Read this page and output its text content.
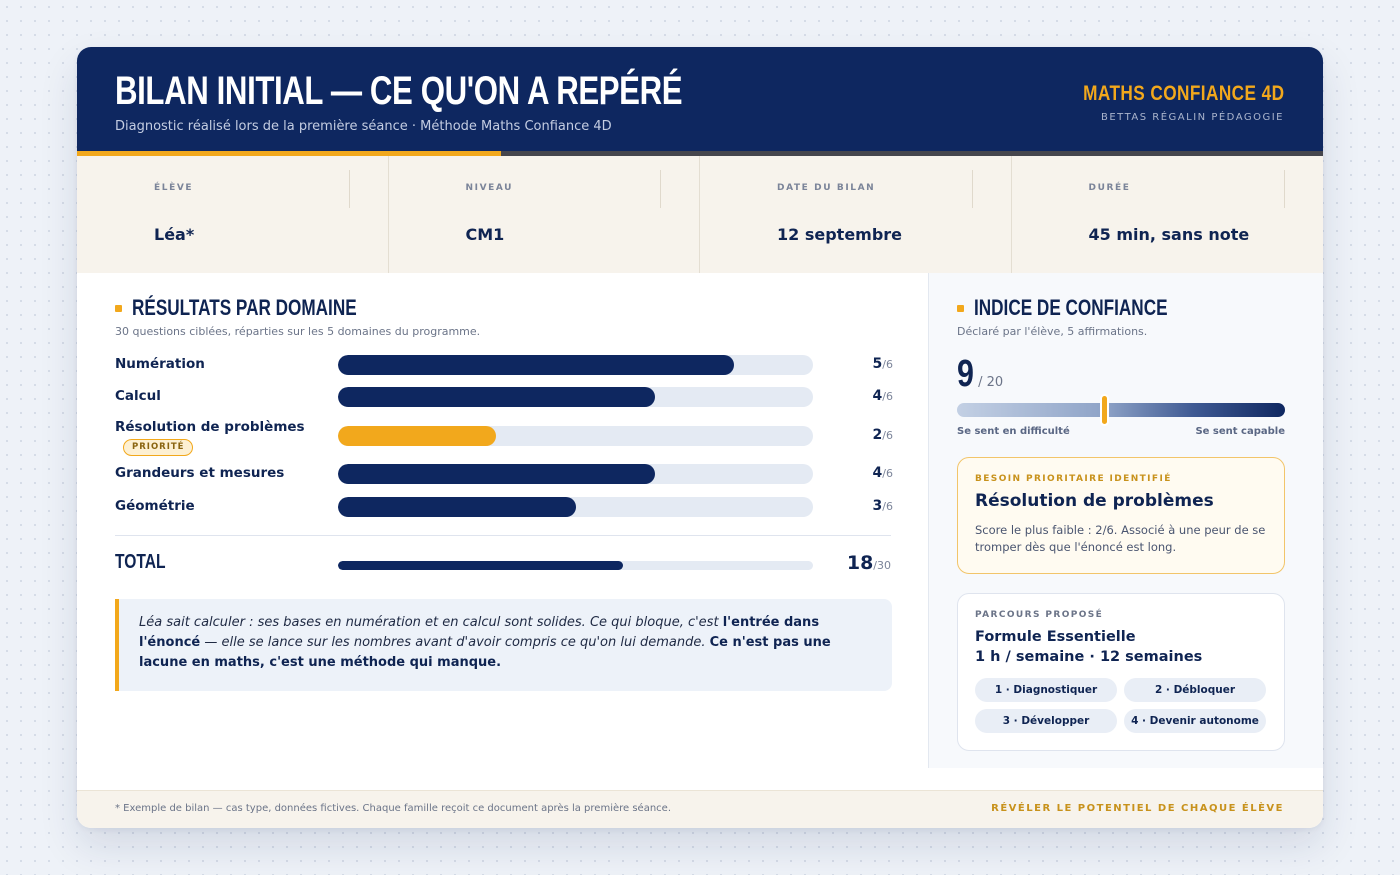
BILAN INITIAL — CE QU'ON A REPÉRÉ
Diagnostic réalisé lors de la première séance · Méthode Maths Confiance 4D
MATHS CONFIANCE 4D
BETTAS RÉGALIN PÉDAGOGIE
ÉLÈVE
Léa*
NIVEAU
CM1
DATE DU BILAN
12 septembre
DURÉE
45 min, sans note
RÉSULTATS PAR DOMAINE
30 questions ciblées, réparties sur les 5 domaines du programme.
Numération	5/6
Calcul	4/6
Résolution de problèmes
PRIORITÉ
2/6
Grandeurs et mesures	4/6
Géométrie	3/6
TOTAL	18/30
Léa sait calculer : ses bases en numération et en calcul sont solides. Ce qui bloque, c'est l'entrée dans l'énoncé — elle se lance sur les nombres avant d'avoir compris ce qu'on lui demande. Ce n'est pas une lacune en maths, c'est une méthode qui manque.
INDICE DE CONFIANCE
Déclaré par l'élève, 5 affirmations.
9 / 20
Se sent en difficulté	Se sent capable
BESOIN PRIORITAIRE IDENTIFIÉ
Résolution de problèmes
Score le plus faible : 2/6. Associé à une peur de se tromper dès que l'énoncé est long.
PARCOURS PROPOSÉ
Formule Essentielle
1 h / semaine · 12 semaines
1 · Diagnostiquer	2 · Débloquer
3 · Développer	4 · Devenir autonome
* Exemple de bilan — cas type, données fictives. Chaque famille reçoit ce document après la première séance.	RÉVÉLER LE POTENTIEL DE CHAQUE ÉLÈVE
